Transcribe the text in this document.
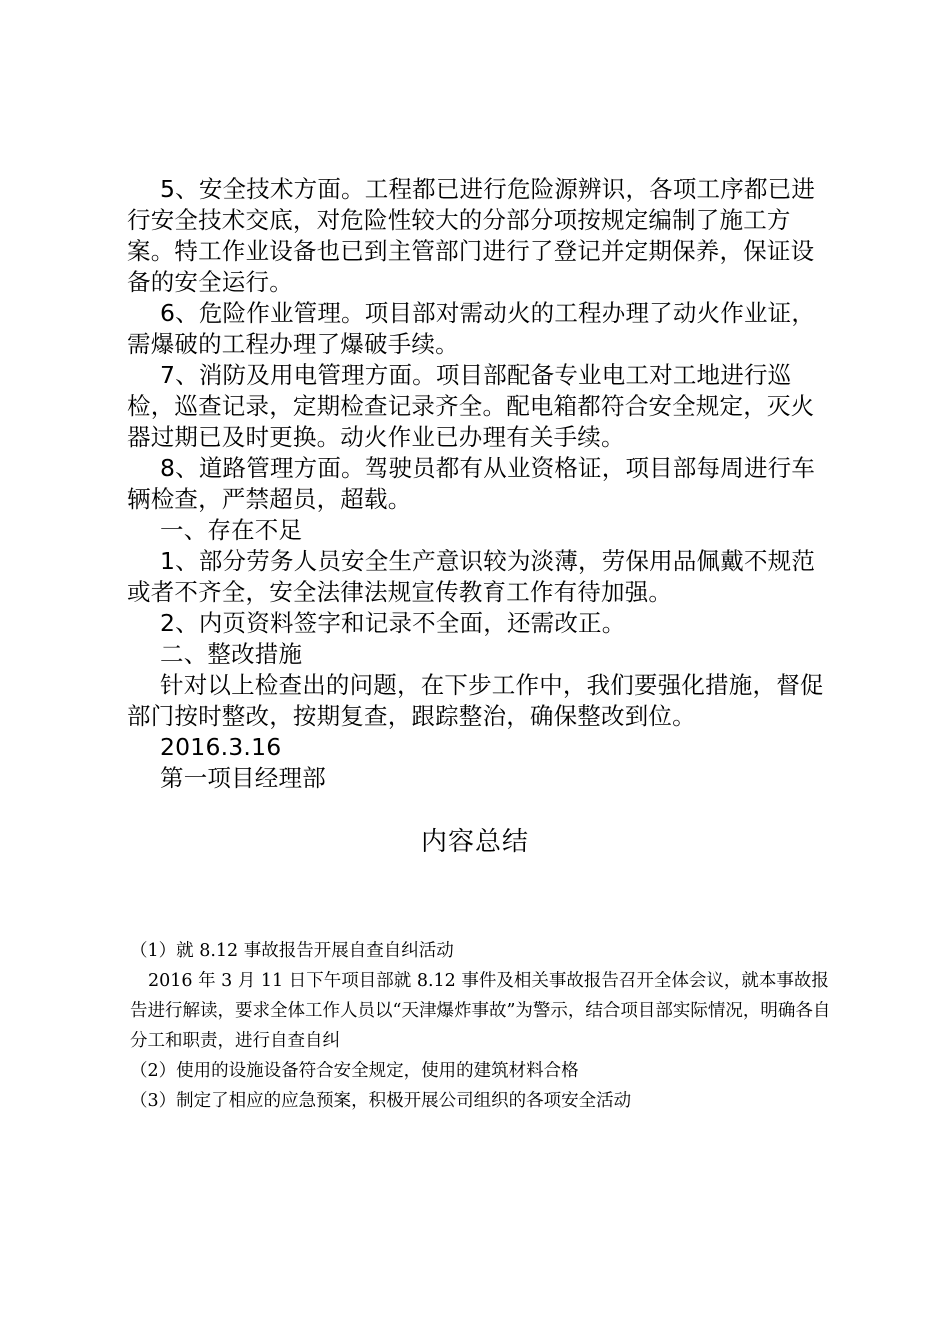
5、安全技术方面。工程都已进行危险源辨识，各项工序都已进行安全技术交底，对危险性较大的分部分项按规定编制了施工方案。特工作业设备也已到主管部门进行了登记并定期保养，保证设备的安全运行。

6、危险作业管理。项目部对需动火的工程办理了动火作业证，需爆破的工程办理了爆破手续。

7、消防及用电管理方面。项目部配备专业电工对工地进行巡检，巡查记录，定期检查记录齐全。配电箱都符合安全规定，灭火器过期已及时更换。动火作业已办理有关手续。

8、道路管理方面。驾驶员都有从业资格证，项目部每周进行车辆检查，严禁超员，超载。

一、存在不足

1、部分劳务人员安全生产意识较为淡薄，劳保用品佩戴不规范或者不齐全，安全法律法规宣传教育工作有待加强。

2、内页资料签字和记录不全面，还需改正。

二、整改措施

针对以上检查出的问题，在下步工作中，我们要强化措施，督促部门按时整改，按期复查，跟踪整治，确保整改到位。

2016.3.16

第一项目经理部

内容总结

（1）就 8.12 事故报告开展自查自纠活动

2016 年 3 月 11 日下午项目部就 8.12 事件及相关事故报告召开全体会议，就本事故报告进行解读，要求全体工作人员以“天津爆炸事故”为警示，结合项目部实际情况，明确各自分工和职责，进行自查自纠

（2）使用的设施设备符合安全规定，使用的建筑材料合格

（3）制定了相应的应急预案，积极开展公司组织的各项安全活动
